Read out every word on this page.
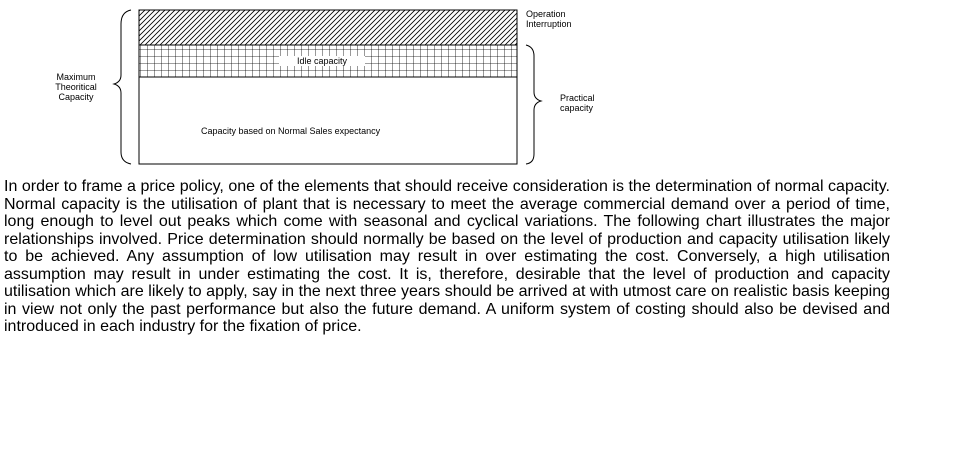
Operation
Interruption
Idle capacity
Maximum
Theoritical
Capacity	Practical
capacity
Capacity based on Normal Sales expectancy

In order to frame a price policy, one of the elements that should receive consideration is the determination of normal capacity. Normal capacity is the utilisation of plant that is necessary to meet the average commercial demand over a period of time, long enough to level out peaks which come with seasonal and cyclical variations. The following chart illustrates the major relationships involved. Price determination should normally be based on the level of production and capacity utilisation likely to be achieved. Any assumption of low utilisation may result in over estimating the cost. Conversely, a high utilisation assumption may result in under estimating the cost. It is, therefore, desirable that the level of production and capacity utilisation which are likely to apply, say in the next three years should be arrived at with utmost care on realistic basis keeping in view not only the past performance but also the future demand. A uniform system of costing should also be devised and introduced in each industry for the fixation of price.
